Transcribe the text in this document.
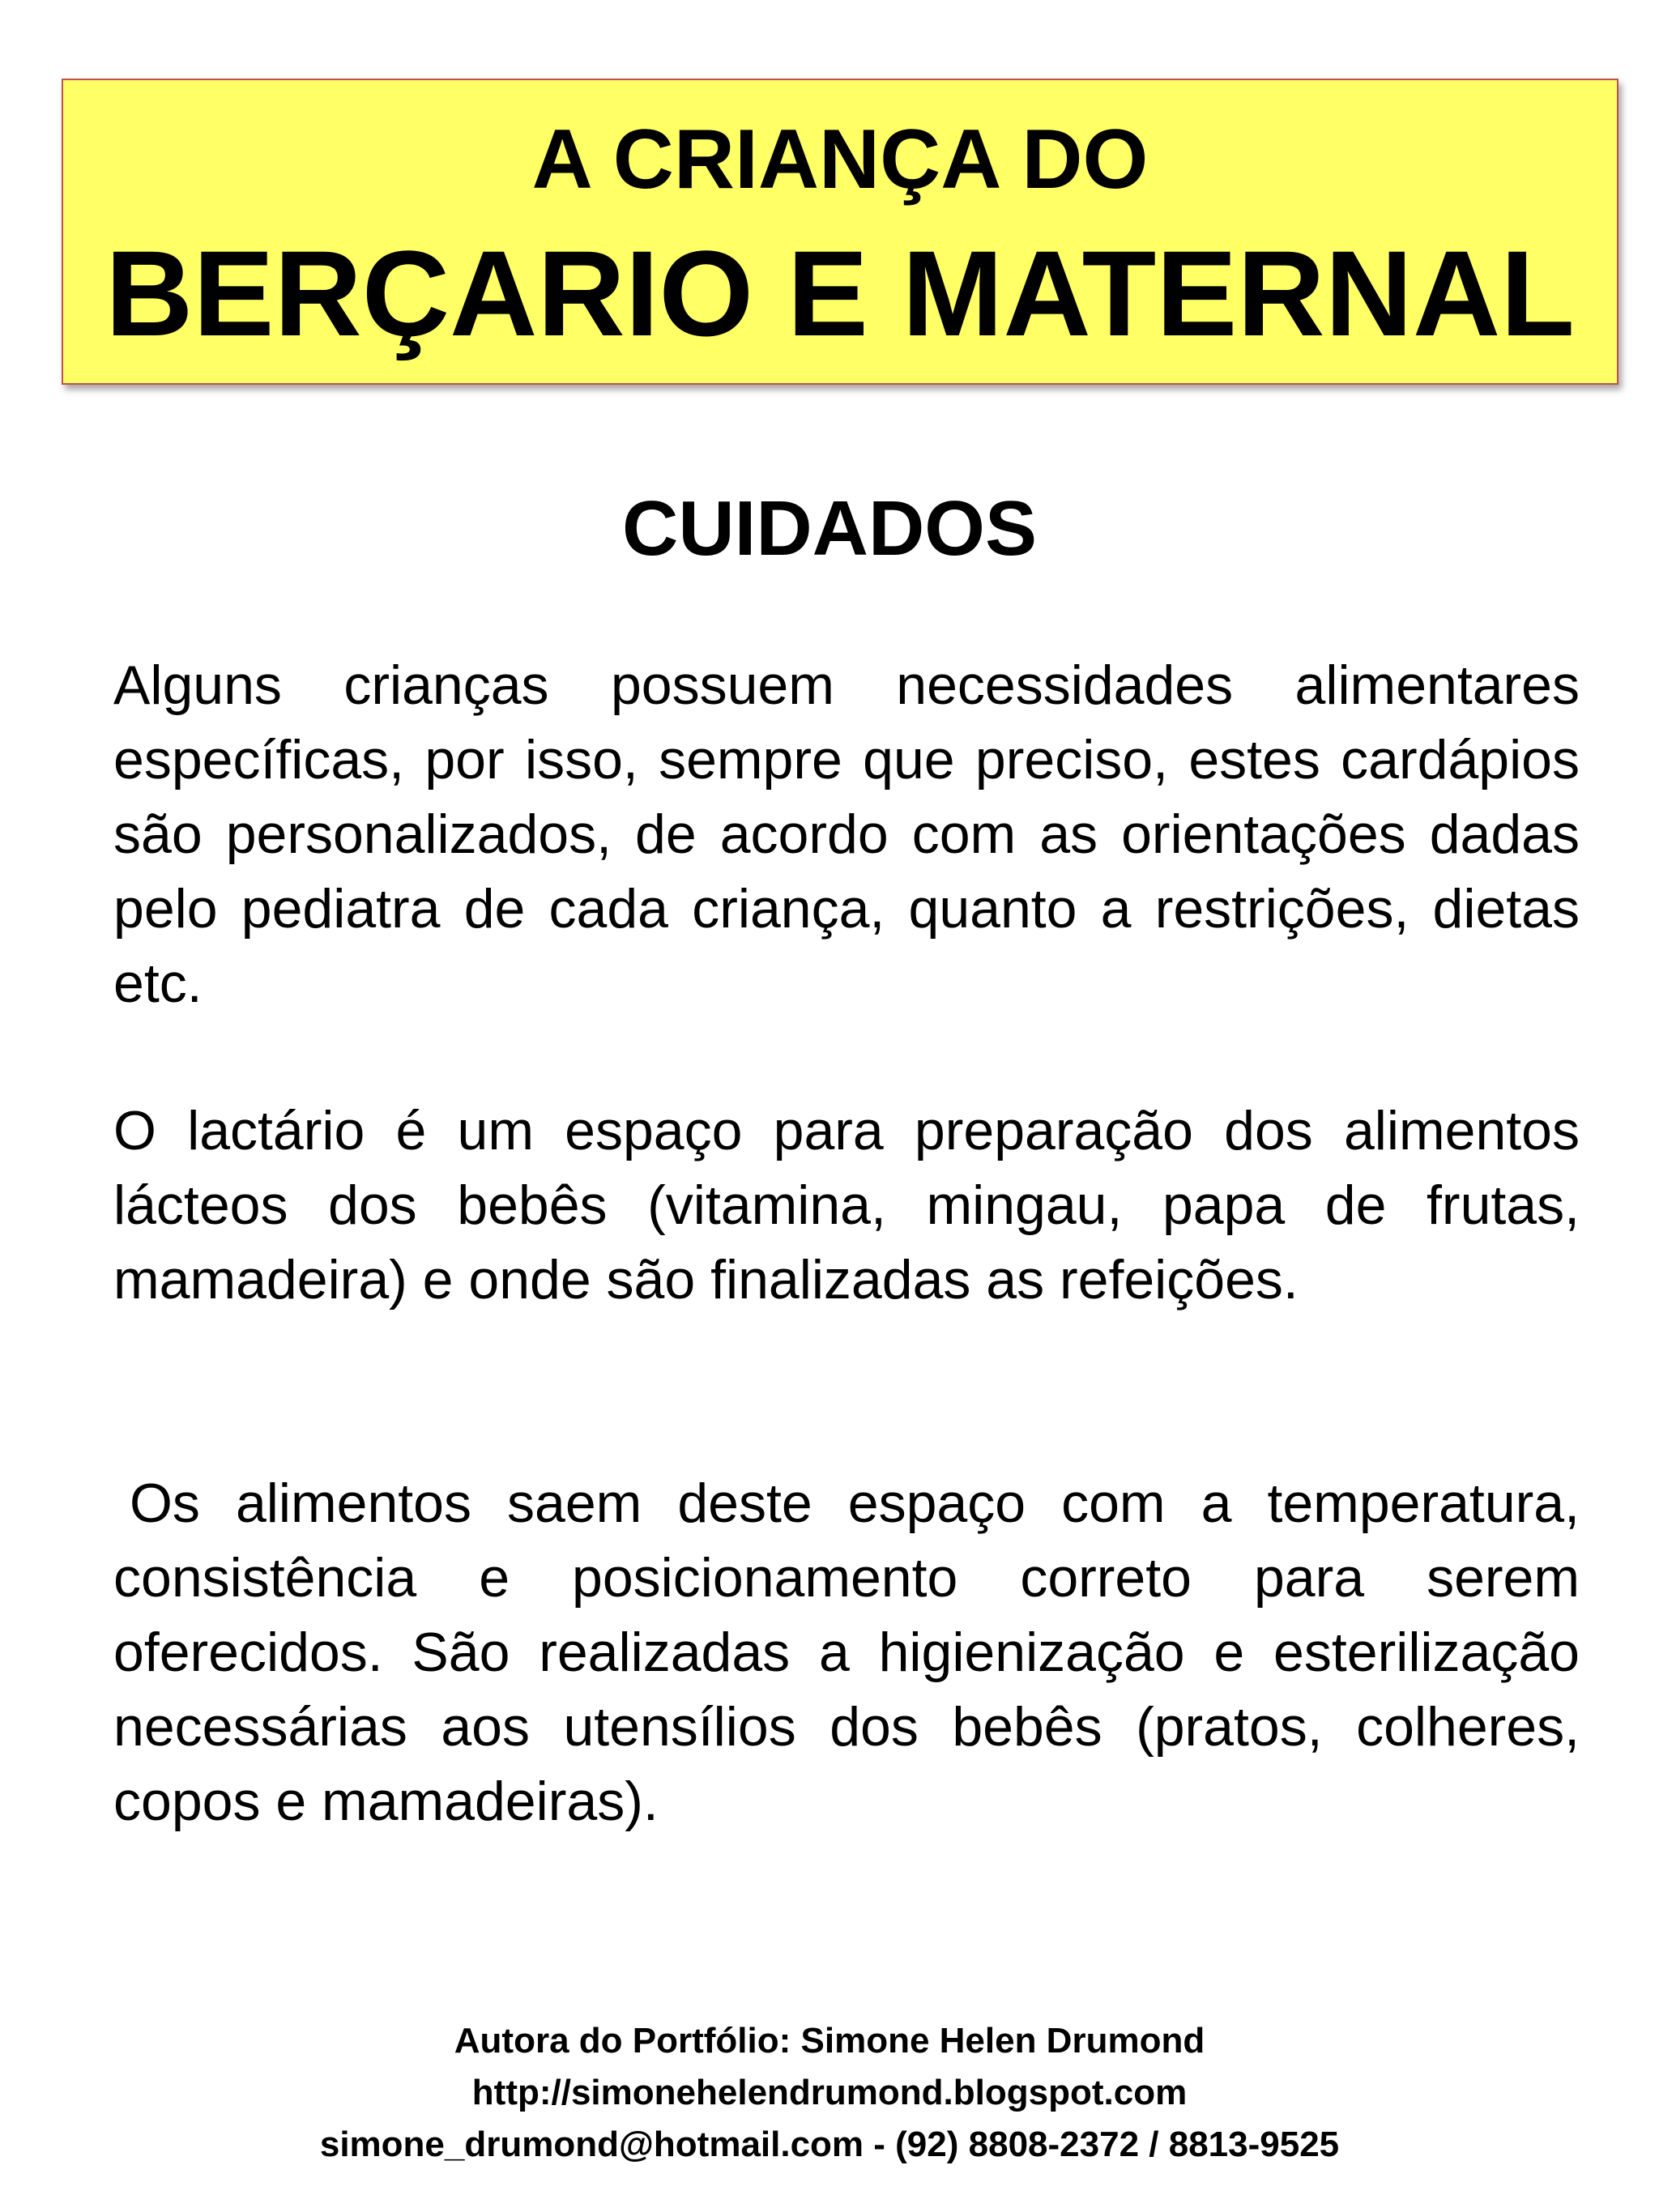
A CRIANÇA DO
BERÇARIO E MATERNAL
CUIDADOS

Alguns crianças possuem necessidades alimentares específicas, por isso, sempre que preciso, estes cardápios são personalizados, de acordo com as orientações dadas pelo pediatra de cada criança, quanto a restrições, dietas etc.

O lactário é um espaço para preparação dos alimentos lácteos dos bebês (vitamina, mingau, papa de frutas, mamadeira) e onde são finalizadas as refeições.

Os alimentos saem deste espaço com a temperatura, consistência e posicionamento correto para serem oferecidos. São realizadas a higienização e esterilização necessárias aos utensílios dos bebês (pratos, colheres, copos e mamadeiras).

Autora do Portfólio: Simone Helen Drumond
http://simonehelendrumond.blogspot.com
simone_drumond@hotmail.com - (92) 8808-2372 / 8813-9525
